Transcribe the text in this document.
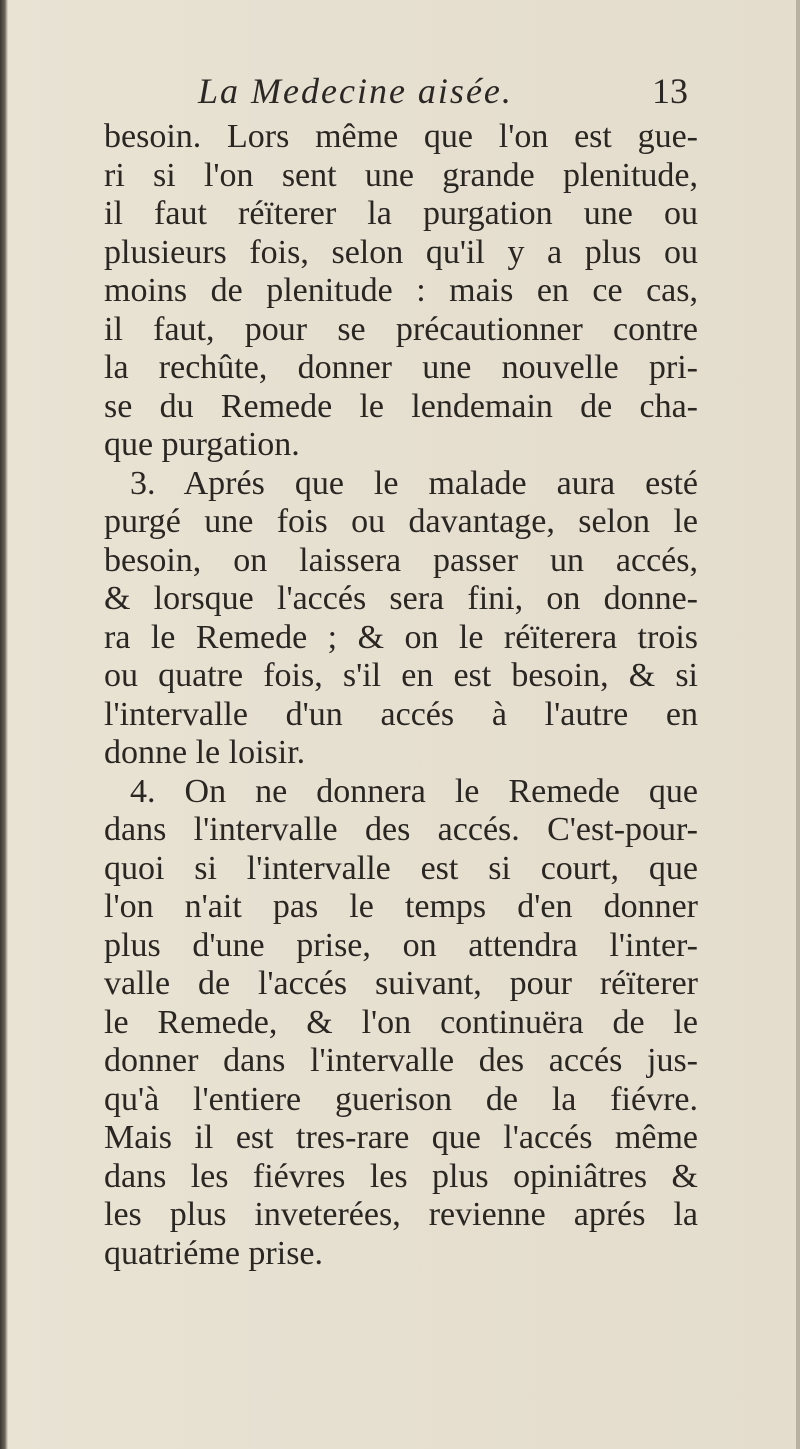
La Medecine aisée.	13
besoin. Lors même que l'on est gue-
ri si l'on sent une grande plenitude,
il faut réïterer la purgation une ou
plusieurs fois, selon qu'il y a plus ou
moins de plenitude : mais en ce cas,
il faut, pour se précautionner contre
la rechûte, donner une nouvelle pri-
se du Remede le lendemain de cha-
que purgation.
3. Aprés que le malade aura esté
purgé une fois ou davantage, selon le
besoin, on laissera passer un accés,
& lorsque l'accés sera fini, on donne-
ra le Remede ; & on le réïterera trois
ou quatre fois, s'il en est besoin, & si
l'intervalle d'un accés à l'autre en
donne le loisir.
4. On ne donnera le Remede que
dans l'intervalle des accés. C'est-pour-
quoi si l'intervalle est si court, que
l'on n'ait pas le temps d'en donner
plus d'une prise, on attendra l'inter-
valle de l'accés suivant, pour réïterer
le Remede, & l'on continuëra de le
donner dans l'intervalle des accés jus-
qu'à l'entiere guerison de la fiévre.
Mais il est tres-rare que l'accés même
dans les fiévres les plus opiniâtres &
les plus inveterées, revienne aprés la
quatriéme prise.
